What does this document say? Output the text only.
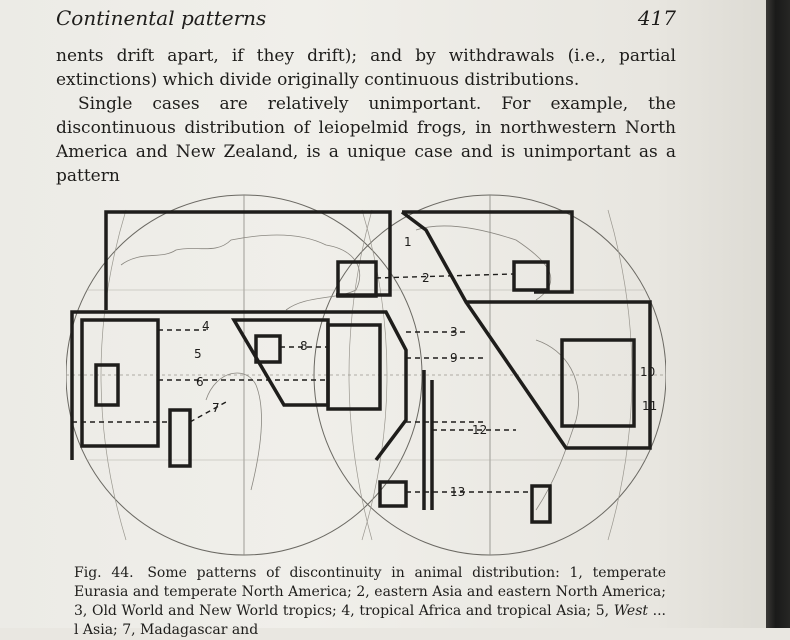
Continental patterns	417

nents drift apart, if they drift); and by withdrawals (i.e., partial extinctions) which divide originally continuous distributions.

Single cases are relatively unimportant. For example, the discontinuous distribution of leiopelmid frogs, in northwestern North America and New Zealand, is a unique case and is unimportant as a pattern

1
2
3
4
5
6
7
8
9
10
11
12
13
Fig. 44. Some patterns of discontinuity in animal distribution: 1, temperate Eurasia and temperate North America; 2, eastern Asia and eastern North America; 3, Old World and New World tropics; 4, tropical Africa and tropical Asia; 5, West ... l Asia; 7, Madagascar and
